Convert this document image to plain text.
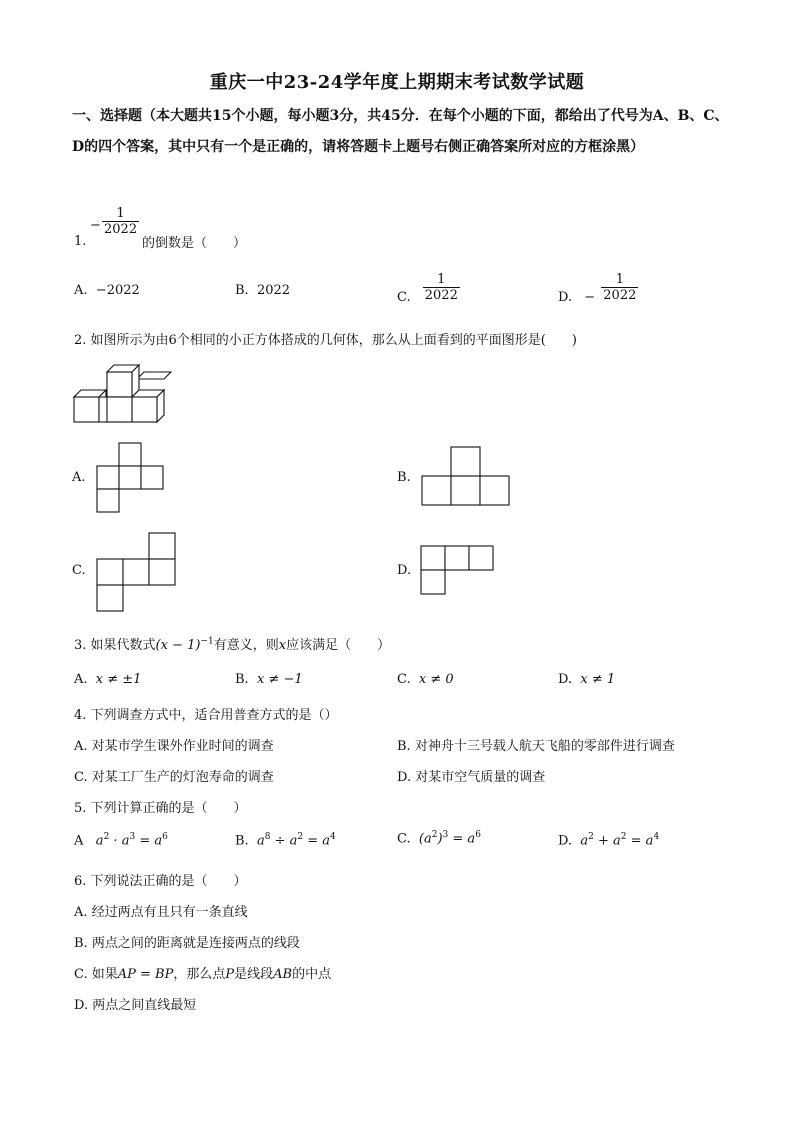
重庆一中23-24学年度上期期末考试数学试题
一、选择题（本大题共15个小题，每小题3分，共45分．在每个小题的下面，都给出了代号为A、B、C、D的四个答案，其中只有一个是正确的，请将答题卡上题号右侧正确答案所对应的方框涂黑）
1.
− $\frac{1}{2022}$
的倒数是（　　）
A. −2022	B. 2022	C. $\frac{1}{2022}$	D. − $\frac{1}{2022}$
2. 如图所示为由6个相同的小正方体搭成的几何体，那么从上面看到的平面图形是(　　)
A.	B.
C.	D.
3. 如果代数式$(x - 1)^{-1}$有意义，则x应该满足（　　）
A. x ≠ ±1	B. x ≠ −1	C. x ≠ 0	D. x ≠ 1
4. 下列调查方式中，适合用普查方式的是（）
A. 对某市学生课外作业时间的调查	B. 对神舟十三号载人航天飞船的零部件进行调查
C. 对某工厂生产的灯泡寿命的调查	D. 对某市空气质量的调查
5. 下列计算正确的是（　　）
A $a^2 \cdot a^3 = a^6$	B. $a^8 \div a^2 = a^4$	C. $(a^2)^3 = a^6$	D. $a^2 + a^2 = a^4$
6. 下列说法正确的是（　　）
A. 经过两点有且只有一条直线
B. 两点之间的距离就是连接两点的线段
C. 如果AP = BP，那么点P是线段AB的中点
D. 两点之间直线最短
